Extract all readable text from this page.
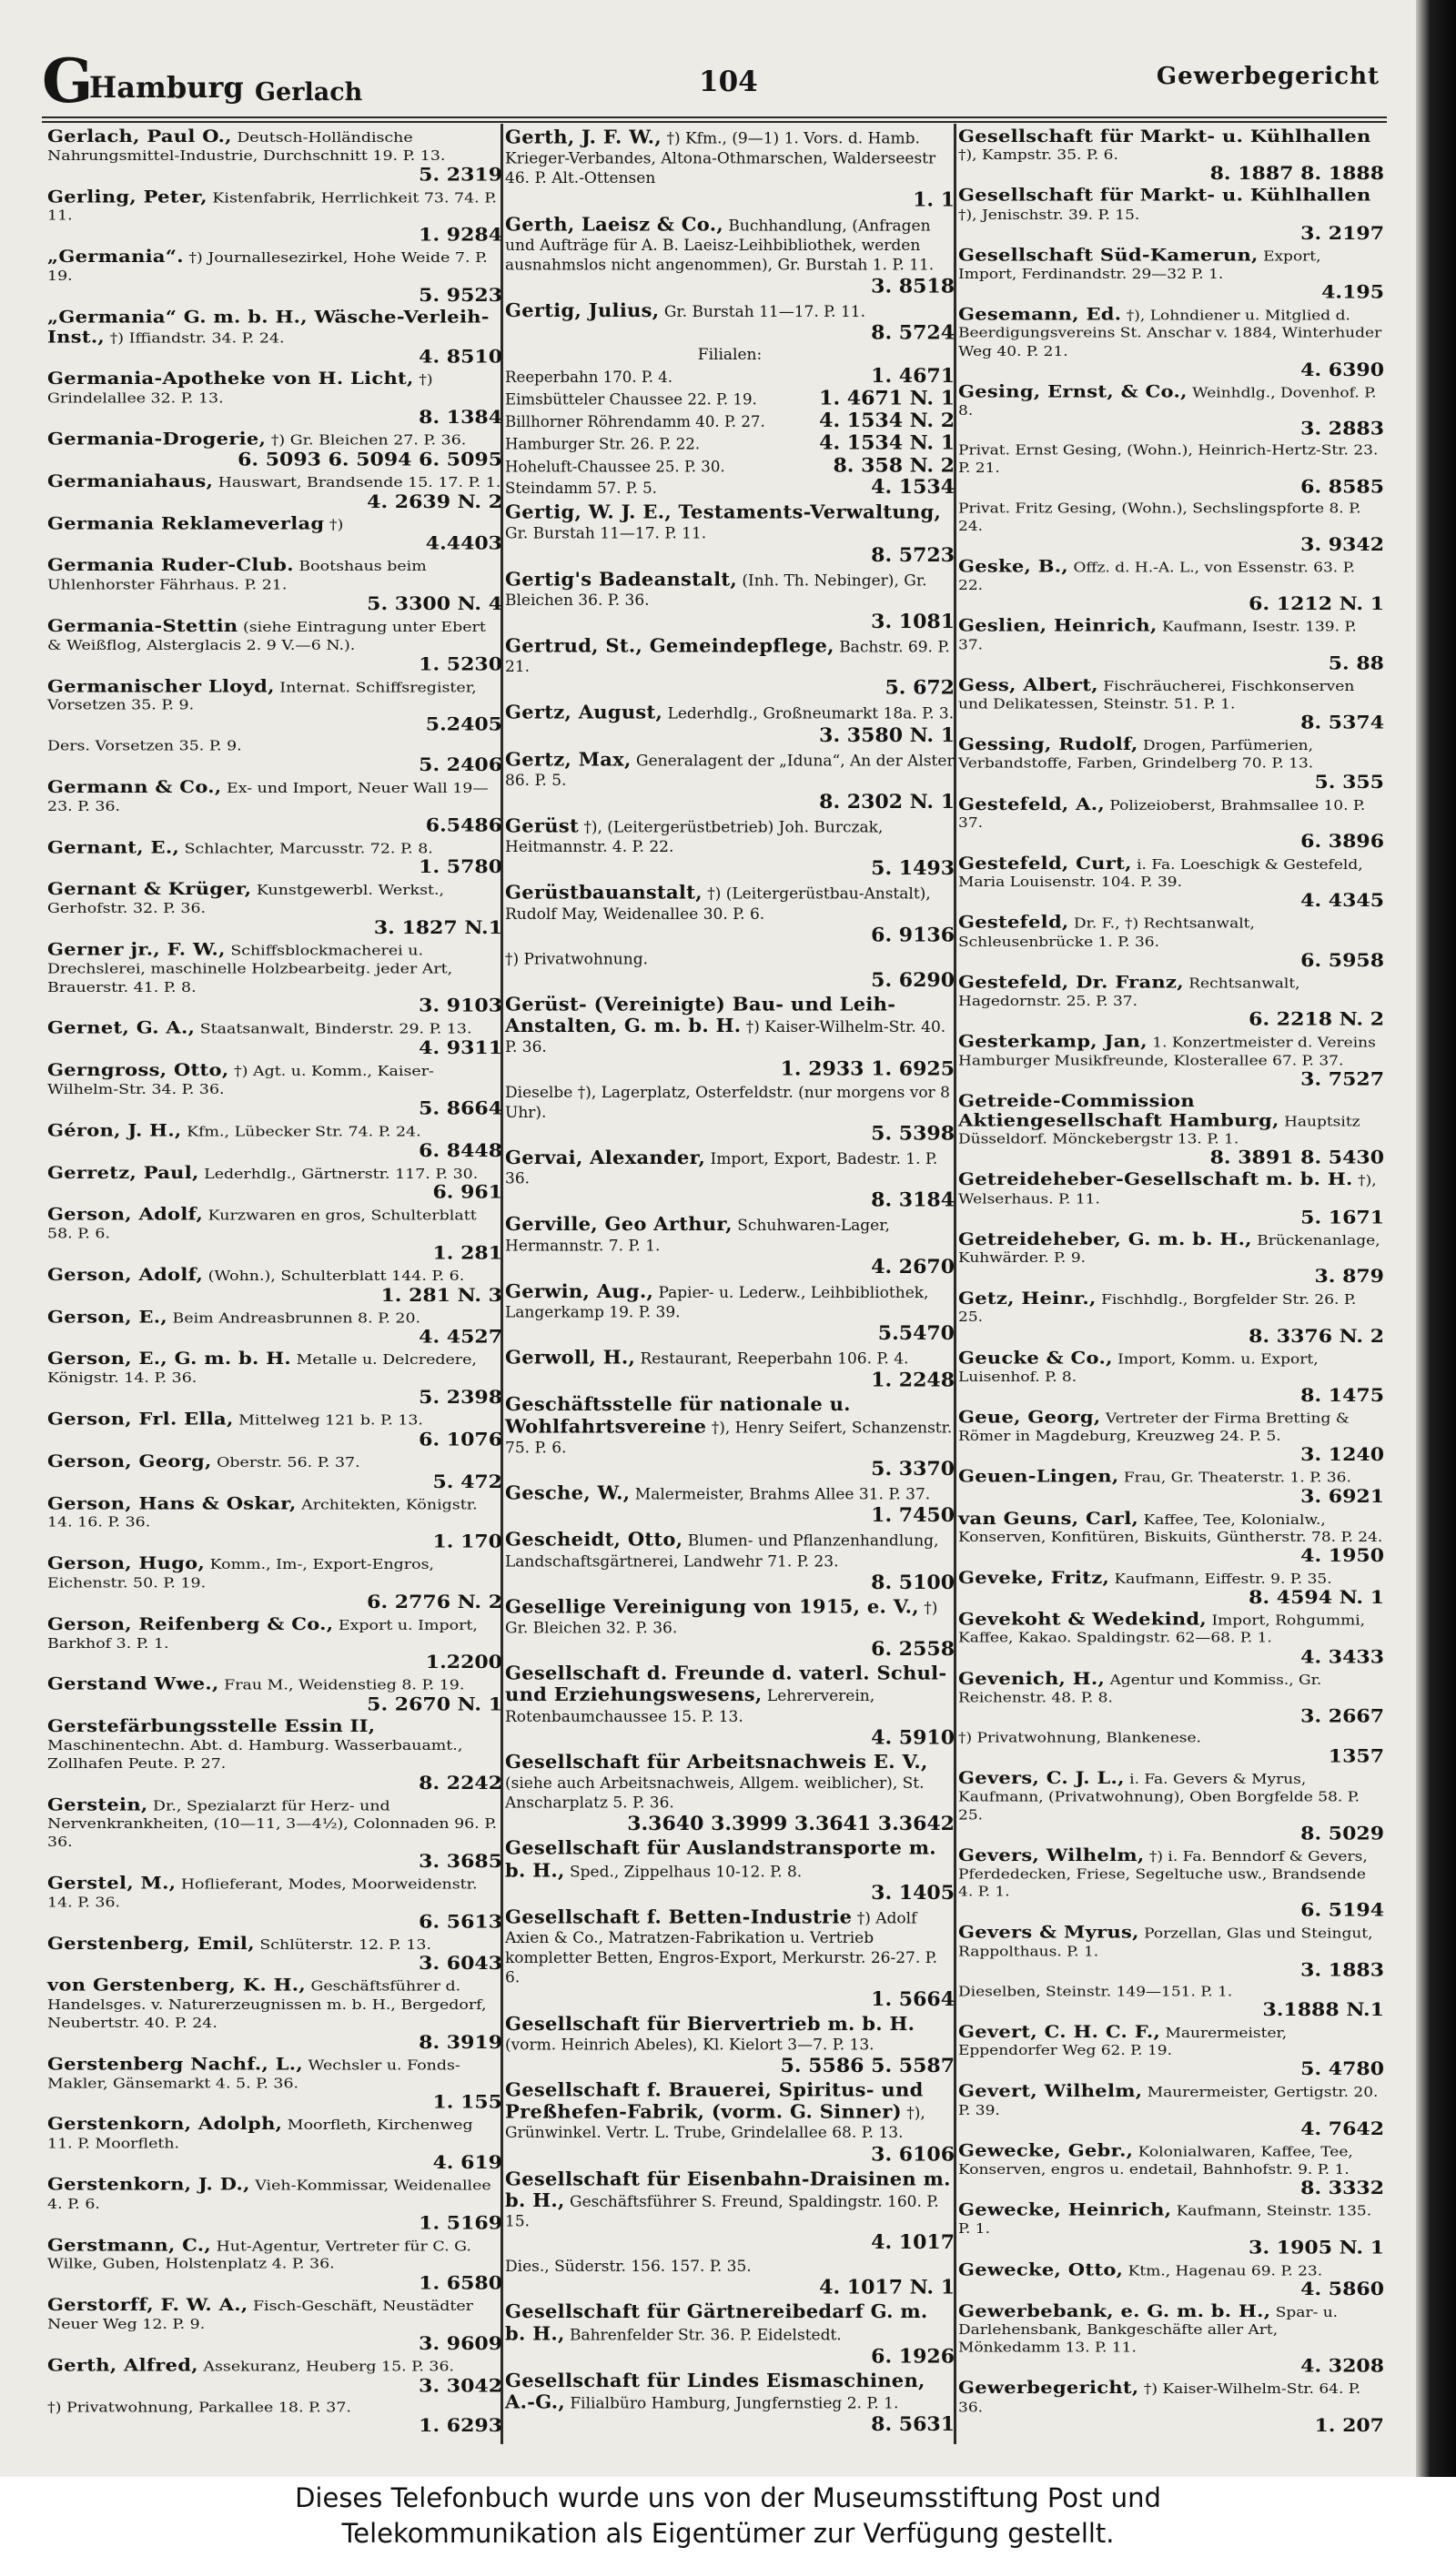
G
Hamburg Gerlach	104	Gewerbegericht
Gerlach, Paul O., Deutsch-Holländische Nahrungsmittel-Industrie, Durchschnitt 19. P. 13.
5. 2319
Gerling, Peter, Kistenfabrik, Herrlichkeit 73. 74. P. 11.
1. 9284
„Germania“. †) Journallesezirkel, Hohe Weide 7. P. 19.
5. 9523
„Germania“ G. m. b. H., Wäsche-Verleih-Inst., †) Iffiandstr. 34. P. 24.
4. 8510
Germania-Apotheke von H. Licht, †) Grindelallee 32. P. 13.
8. 1384
Germania-Drogerie, †) Gr. Bleichen 27. P. 36.
6. 5093 6. 5094 6. 5095
Germaniahaus, Hauswart, Brandsende 15. 17. P. 1.
4. 2639 N. 2
Germania Reklameverlag †)
4.4403
Germania Ruder-Club. Bootshaus beim Uhlenhorster Fährhaus. P. 21.
5. 3300 N. 4
Germania-Stettin (siehe Eintragung unter Ebert & Weißflog, Alsterglacis 2. 9 V.—6 N.).
1. 5230
Germanischer Lloyd, Internat. Schiffsregister, Vorsetzen 35. P. 9.
5.2405
Ders. Vorsetzen 35. P. 9.
5. 2406
Germann & Co., Ex- und Import, Neuer Wall 19—23. P. 36.
6.5486
Gernant, E., Schlachter, Marcusstr. 72. P. 8.
1. 5780
Gernant & Krüger, Kunstgewerbl. Werkst., Gerhofstr. 32. P. 36.
3. 1827 N.1
Gerner jr., F. W., Schiffsblockmacherei u. Drechslerei, maschinelle Holzbearbeitg. jeder Art, Brauerstr. 41. P. 8.
3. 9103
Gernet, G. A., Staatsanwalt, Binderstr. 29. P. 13.
4. 9311
Gerngross, Otto, †) Agt. u. Komm., Kaiser-Wilhelm-Str. 34. P. 36.
5. 8664
Géron, J. H., Kfm., Lübecker Str. 74. P. 24.
6. 8448
Gerretz, Paul, Lederhdlg., Gärtnerstr. 117. P. 30.
6. 961
Gerson, Adolf, Kurzwaren en gros, Schulterblatt 58. P. 6.
1. 281
Gerson, Adolf, (Wohn.), Schulterblatt 144. P. 6.
1. 281 N. 3
Gerson, E., Beim Andreasbrunnen 8. P. 20.
4. 4527
Gerson, E., G. m. b. H. Metalle u. Delcredere, Königstr. 14. P. 36.
5. 2398
Gerson, Frl. Ella, Mittelweg 121 b. P. 13.
6. 1076
Gerson, Georg, Oberstr. 56. P. 37.
5. 472
Gerson, Hans & Oskar, Architekten, Königstr. 14. 16. P. 36.
1. 170
Gerson, Hugo, Komm., Im-, Export-Engros, Eichenstr. 50. P. 19.
6. 2776 N. 2
Gerson, Reifenberg & Co., Export u. Import, Barkhof 3. P. 1.
1.2200
Gerstand Wwe., Frau M., Weidenstieg 8. P. 19.
5. 2670 N. 1
Gerstefärbungsstelle Essin II, Maschinentechn. Abt. d. Hamburg. Wasserbauamt., Zollhafen Peute. P. 27.
8. 2242
Gerstein, Dr., Spezialarzt für Herz- und Nervenkrankheiten, (10—11, 3—4½), Colonnaden 96. P. 36.
3. 3685
Gerstel, M., Hoflieferant, Modes, Moorweidenstr. 14. P. 36.
6. 5613
Gerstenberg, Emil, Schlüterstr. 12. P. 13.
3. 6043
von Gerstenberg, K. H., Geschäftsführer d. Handelsges. v. Naturerzeugnissen m. b. H., Bergedorf, Neubertstr. 40. P. 24.
8. 3919
Gerstenberg Nachf., L., Wechsler u. Fonds-Makler, Gänsemarkt 4. 5. P. 36.
1. 155
Gerstenkorn, Adolph, Moorfleth, Kirchenweg 11. P. Moorfleth.
4. 619
Gerstenkorn, J. D., Vieh-Kommissar, Weidenallee 4. P. 6.
1. 5169
Gerstmann, C., Hut-Agentur, Vertreter für C. G. Wilke, Guben, Holstenplatz 4. P. 36.
1. 6580
Gerstorff, F. W. A., Fisch-Geschäft, Neustädter Neuer Weg 12. P. 9.
3. 9609
Gerth, Alfred, Assekuranz, Heuberg 15. P. 36.
3. 3042
†) Privatwohnung, Parkallee 18. P. 37.
1. 6293
Gerth, J. F. W., †) Kfm., (9—1) 1. Vors. d. Hamb. Krieger-Verbandes, Altona-Othmarschen, Walderseestr 46. P. Alt.-Ottensen
1. 1
Gerth, Laeisz & Co., Buchhandlung, (Anfragen und Aufträge für A. B. Laeisz-Leihbibliothek, werden ausnahmslos nicht angenommen), Gr. Burstah 1. P. 11.
3. 8518
Gertig, Julius, Gr. Burstah 11—17. P. 11.
8. 5724
Filialen:
Reeperbahn 170. P. 4.	1. 4671
Eimsbütteler Chaussee 22. P. 19.	1. 4671 N. 1
Billhorner Röhrendamm 40. P. 27.	4. 1534 N. 2
Hamburger Str. 26. P. 22.	4. 1534 N. 1
Hoheluft-Chaussee 25. P. 30.	8. 358 N. 2
Steindamm 57. P. 5.	4. 1534
Gertig, W. J. E., Testaments-Verwaltung, Gr. Burstah 11—17. P. 11.
8. 5723
Gertig's Badeanstalt, (Inh. Th. Nebinger), Gr. Bleichen 36. P. 36.
3. 1081
Gertrud, St., Gemeindepflege, Bachstr. 69. P. 21.
5. 672
Gertz, August, Lederhdlg., Großneumarkt 18a. P. 3.
3. 3580 N. 1
Gertz, Max, Generalagent der „Iduna“, An der Alster 86. P. 5.
8. 2302 N. 1
Gerüst †), (Leitergerüstbetrieb) Joh. Burczak, Heitmannstr. 4. P. 22.
5. 1493
Gerüstbauanstalt, †) (Leitergerüstbau-Anstalt), Rudolf May, Weidenallee 30. P. 6.
6. 9136
†) Privatwohnung.
5. 6290
Gerüst- (Vereinigte) Bau- und Leih-Anstalten, G. m. b. H. †) Kaiser-Wilhelm-Str. 40. P. 36.
1. 2933 1. 6925
Dieselbe †), Lagerplatz, Osterfeldstr. (nur morgens vor 8 Uhr).
5. 5398
Gervai, Alexander, Import, Export, Badestr. 1. P. 36.
8. 3184
Gerville, Geo Arthur, Schuhwaren-Lager, Hermannstr. 7. P. 1.
4. 2670
Gerwin, Aug., Papier- u. Lederw., Leihbibliothek, Langerkamp 19. P. 39.
5.5470
Gerwoll, H., Restaurant, Reeperbahn 106. P. 4.
1. 2248
Geschäftsstelle für nationale u. Wohlfahrtsvereine †), Henry Seifert, Schanzenstr. 75. P. 6.
5. 3370
Gesche, W., Malermeister, Brahms Allee 31. P. 37.
1. 7450
Gescheidt, Otto, Blumen- und Pflanzenhandlung, Landschaftsgärtnerei, Landwehr 71. P. 23.
8. 5100
Gesellige Vereinigung von 1915, e. V., †) Gr. Bleichen 32. P. 36.
6. 2558
Gesellschaft d. Freunde d. vaterl. Schul- und Erziehungswesens, Lehrerverein, Rotenbaumchaussee 15. P. 13.
4. 5910
Gesellschaft für Arbeitsnachweis E. V., (siehe auch Arbeitsnachweis, Allgem. weiblicher), St. Anscharplatz 5. P. 36.
3.3640 3.3999 3.3641 3.3642
Gesellschaft für Auslandstransporte m. b. H., Sped., Zippelhaus 10-12. P. 8.
3. 1405
Gesellschaft f. Betten-Industrie †) Adolf Axien & Co., Matratzen-Fabrikation u. Vertrieb kompletter Betten, Engros-Export, Merkurstr. 26-27. P. 6.
1. 5664
Gesellschaft für Biervertrieb m. b. H. (vorm. Heinrich Abeles), Kl. Kielort 3—7. P. 13.
5. 5586 5. 5587
Gesellschaft f. Brauerei, Spiritus- und Preßhefen-Fabrik, (vorm. G. Sinner) †), Grünwinkel. Vertr. L. Trube, Grindelallee 68. P. 13.
3. 6106
Gesellschaft für Eisenbahn-Draisinen m. b. H., Geschäftsführer S. Freund, Spaldingstr. 160. P. 15.
4. 1017
Dies., Süderstr. 156. 157. P. 35.
4. 1017 N. 1
Gesellschaft für Gärtnereibedarf G. m. b. H., Bahrenfelder Str. 36. P. Eidelstedt.
6. 1926
Gesellschaft für Lindes Eismaschinen, A.-G., Filialbüro Hamburg, Jungfernstieg 2. P. 1.
8. 5631
Gesellschaft für Markt- u. Kühlhallen †), Kampstr. 35. P. 6.
8. 1887 8. 1888
Gesellschaft für Markt- u. Kühlhallen †), Jenischstr. 39. P. 15.
3. 2197
Gesellschaft Süd-Kamerun, Export, Import, Ferdinandstr. 29—32 P. 1.
4.195
Gesemann, Ed. †), Lohndiener u. Mitglied d. Beerdigungsvereins St. Anschar v. 1884, Winterhuder Weg 40. P. 21.
4. 6390
Gesing, Ernst, & Co., Weinhdlg., Dovenhof. P. 8.
3. 2883
Privat. Ernst Gesing, (Wohn.), Heinrich-Hertz-Str. 23. P. 21.
6. 8585
Privat. Fritz Gesing, (Wohn.), Sechslingspforte 8. P. 24.
3. 9342
Geske, B., Offz. d. H.-A. L., von Essenstr. 63. P. 22.
6. 1212 N. 1
Geslien, Heinrich, Kaufmann, Isestr. 139. P. 37.
5. 88
Gess, Albert, Fischräucherei, Fischkonserven und Delikatessen, Steinstr. 51. P. 1.
8. 5374
Gessing, Rudolf, Drogen, Parfümerien, Verbandstoffe, Farben, Grindelberg 70. P. 13.
5. 355
Gestefeld, A., Polizeioberst, Brahmsallee 10. P. 37.
6. 3896
Gestefeld, Curt, i. Fa. Loeschigk & Gestefeld, Maria Louisenstr. 104. P. 39.
4. 4345
Gestefeld, Dr. F., †) Rechtsanwalt, Schleusenbrücke 1. P. 36.
6. 5958
Gestefeld, Dr. Franz, Rechtsanwalt, Hagedornstr. 25. P. 37.
6. 2218 N. 2
Gesterkamp, Jan, 1. Konzertmeister d. Vereins Hamburger Musikfreunde, Klosterallee 67. P. 37.
3. 7527
Getreide-Commission Aktiengesellschaft Hamburg, Hauptsitz Düsseldorf. Mönckebergstr 13. P. 1.
8. 3891 8. 5430
Getreideheber-Gesellschaft m. b. H. †), Welserhaus. P. 11.
5. 1671
Getreideheber, G. m. b. H., Brückenanlage, Kuhwärder. P. 9.
3. 879
Getz, Heinr., Fischhdlg., Borgfelder Str. 26. P. 25.
8. 3376 N. 2
Geucke & Co., Import, Komm. u. Export, Luisenhof. P. 8.
8. 1475
Geue, Georg, Vertreter der Firma Bretting & Römer in Magdeburg, Kreuzweg 24. P. 5.
3. 1240
Geuen-Lingen, Frau, Gr. Theaterstr. 1. P. 36.
3. 6921
van Geuns, Carl, Kaffee, Tee, Kolonialw., Konserven, Konfitüren, Biskuits, Güntherstr. 78. P. 24.
4. 1950
Geveke, Fritz, Kaufmann, Eiffestr. 9. P. 35.
8. 4594 N. 1
Gevekoht & Wedekind, Import, Rohgummi, Kaffee, Kakao. Spaldingstr. 62—68. P. 1.
4. 3433
Gevenich, H., Agentur und Kommiss., Gr. Reichenstr. 48. P. 8.
3. 2667
†) Privatwohnung, Blankenese.
1357
Gevers, C. J. L., i. Fa. Gevers & Myrus, Kaufmann, (Privatwohnung), Oben Borgfelde 58. P. 25.
8. 5029
Gevers, Wilhelm, †) i. Fa. Benndorf & Gevers, Pferdedecken, Friese, Segeltuche usw., Brandsende 4. P. 1.
6. 5194
Gevers & Myrus, Porzellan, Glas und Steingut, Rappolthaus. P. 1.
3. 1883
Dieselben, Steinstr. 149—151. P. 1.
3.1888 N.1
Gevert, C. H. C. F., Maurermeister, Eppendorfer Weg 62. P. 19.
5. 4780
Gevert, Wilhelm, Maurermeister, Gertigstr. 20. P. 39.
4. 7642
Gewecke, Gebr., Kolonialwaren, Kaffee, Tee, Konserven, engros u. endetail, Bahnhofstr. 9. P. 1.
8. 3332
Gewecke, Heinrich, Kaufmann, Steinstr. 135. P. 1.
3. 1905 N. 1
Gewecke, Otto, Ktm., Hagenau 69. P. 23.
4. 5860
Gewerbebank, e. G. m. b. H., Spar- u. Darlehensbank, Bankgeschäfte aller Art, Mönkedamm 13. P. 11.
4. 3208
Gewerbegericht, †) Kaiser-Wilhelm-Str. 64. P. 36.
1. 207
Dieses Telefonbuch wurde uns von der Museumsstiftung Post und
Telekommunikation als Eigentümer zur Verfügung gestellt.
